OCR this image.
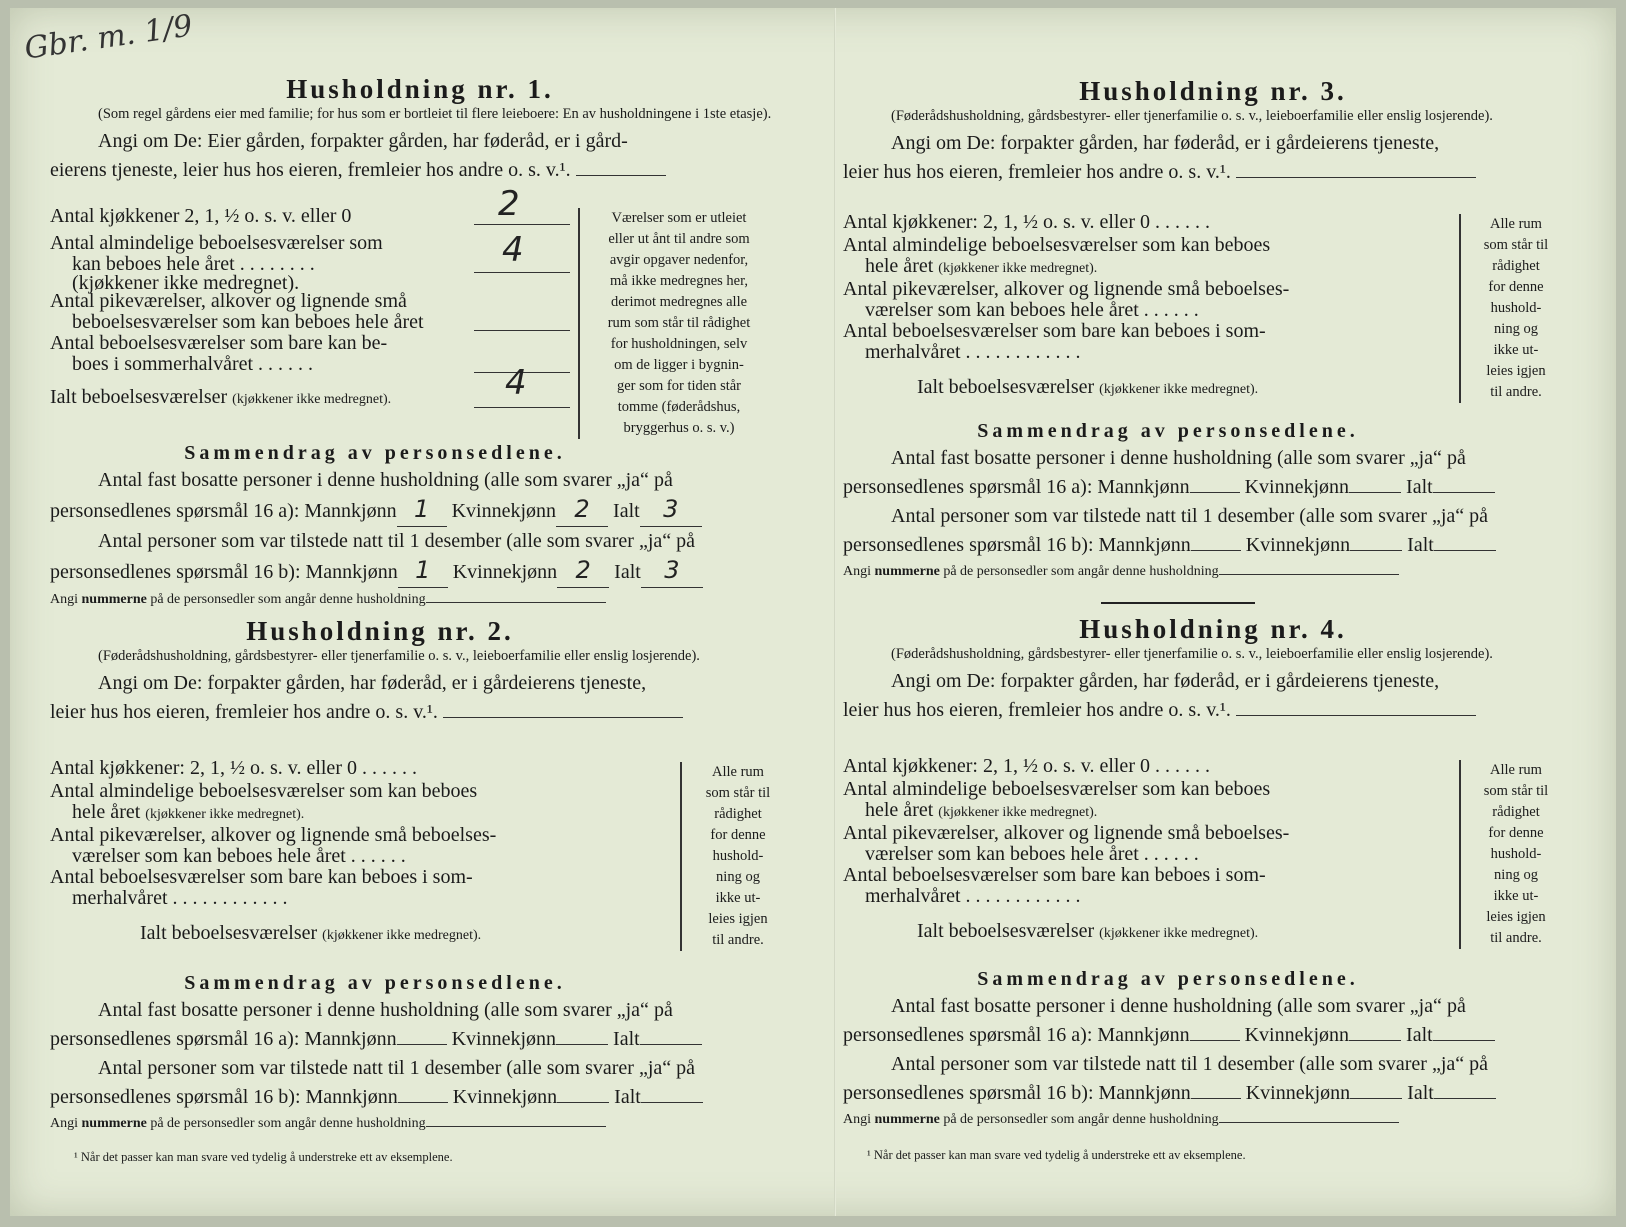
Gbr. m. 1/9
Husholdning nr. 1.
(Som regel gårdens eier med familie; for hus som er bortleiet til flere leieboere: En av husholdningene i 1ste etasje).
Angi om De: Eier gården, forpakter gården, har føderåd, er i gård-
eierens tjeneste, leier hus hos eieren, fremleier hos andre o. s. v.¹.
Antal kjøkkener 2, 1, ½ o. s. v. eller 0	2
Antal almindelige beboelsesværelser som
kan beboes hele året . . . . . . . .	4
(kjøkkener ikke medregnet).
Antal pikeværelser, alkover og lignende små
beboelsesværelser som kan beboes hele året
Antal beboelsesværelser som bare kan be-
boes i sommerhalvåret . . . . . .
Ialt beboelsesværelser (kjøkkener ikke medregnet).	4
Værelser som er utleiet
eller ut ånt til andre som
avgir opgaver nedenfor,
må ikke medregnes her,
derimot medregnes alle
rum som står til rådighet
for husholdningen, selv
om de ligger i bygnin-
ger som for tiden står
tomme (føderådshus,
bryggerhus o. s. v.)
Sammendrag av personsedlene.
Antal fast bosatte personer i denne husholdning (alle som svarer „ja“ på
personsedlenes spørsmål 16 a): Mannkjønn 1 Kvinnekjønn 2 Ialt 3
Antal personer som var tilstede natt til 1 desember (alle som svarer „ja“ på
personsedlenes spørsmål 16 b): Mannkjønn 1 Kvinnekjønn 2 Ialt 3
Angi nummerne på de personsedler som angår denne husholdning
Husholdning nr. 2.
(Føderådshusholdning, gårdsbestyrer- eller tjenerfamilie o. s. v., leieboerfamilie eller enslig losjerende).
Angi om De: forpakter gården, har føderåd, er i gårdeierens tjeneste,
leier hus hos eieren, fremleier hos andre o. s. v.¹.
Antal kjøkkener: 2, 1, ½ o. s. v. eller 0 . . . . . .
Antal almindelige beboelsesværelser som kan beboes
hele året (kjøkkener ikke medregnet).
Antal pikeværelser, alkover og lignende små beboelses-
værelser som kan beboes hele året . . . . . .
Antal beboelsesværelser som bare kan beboes i som-
merhalvåret . . . . . . . . . . . .
Ialt beboelsesværelser (kjøkkener ikke medregnet).
Alle rum
som står til
rådighet
for denne
hushold-
ning og
ikke ut-
leies igjen
til andre.
Sammendrag av personsedlene.
Antal fast bosatte personer i denne husholdning (alle som svarer „ja“ på
personsedlenes spørsmål 16 a): Mannkjønn	Kvinnekjønn	Ialt
Antal personer som var tilstede natt til 1 desember (alle som svarer „ja“ på
personsedlenes spørsmål 16 b): Mannkjønn	Kvinnekjønn	Ialt
Angi nummerne på de personsedler som angår denne husholdning
¹ Når det passer kan man svare ved tydelig å understreke ett av eksemplene.
Husholdning nr. 3.
(Føderådshusholdning, gårdsbestyrer- eller tjenerfamilie o. s. v., leieboerfamilie eller enslig losjerende).
Angi om De: forpakter gården, har føderåd, er i gårdeierens tjeneste,
leier hus hos eieren, fremleier hos andre o. s. v.¹.
Antal kjøkkener: 2, 1, ½ o. s. v. eller 0 . . . . . .
Antal almindelige beboelsesværelser som kan beboes
hele året (kjøkkener ikke medregnet).
Antal pikeværelser, alkover og lignende små beboelses-
værelser som kan beboes hele året . . . . . .
Antal beboelsesværelser som bare kan beboes i som-
merhalvåret . . . . . . . . . . . .
Ialt beboelsesværelser (kjøkkener ikke medregnet).
Alle rum
som står til
rådighet
for denne
hushold-
ning og
ikke ut-
leies igjen
til andre.
Sammendrag av personsedlene.
Antal fast bosatte personer i denne husholdning (alle som svarer „ja“ på
personsedlenes spørsmål 16 a): Mannkjønn	Kvinnekjønn	Ialt
Antal personer som var tilstede natt til 1 desember (alle som svarer „ja“ på
personsedlenes spørsmål 16 b): Mannkjønn	Kvinnekjønn	Ialt
Angi nummerne på de personsedler som angår denne husholdning
Husholdning nr. 4.
(Føderådshusholdning, gårdsbestyrer- eller tjenerfamilie o. s. v., leieboerfamilie eller enslig losjerende).
Angi om De: forpakter gården, har føderåd, er i gårdeierens tjeneste,
leier hus hos eieren, fremleier hos andre o. s. v.¹.
Antal kjøkkener: 2, 1, ½ o. s. v. eller 0 . . . . . .
Antal almindelige beboelsesværelser som kan beboes
hele året (kjøkkener ikke medregnet).
Antal pikeværelser, alkover og lignende små beboelses-
værelser som kan beboes hele året . . . . . .
Antal beboelsesværelser som bare kan beboes i som-
merhalvåret . . . . . . . . . . . .
Ialt beboelsesværelser (kjøkkener ikke medregnet).
Alle rum
som står til
rådighet
for denne
hushold-
ning og
ikke ut-
leies igjen
til andre.
Sammendrag av personsedlene.
Antal fast bosatte personer i denne husholdning (alle som svarer „ja“ på
personsedlenes spørsmål 16 a): Mannkjønn	Kvinnekjønn	Ialt
Antal personer som var tilstede natt til 1 desember (alle som svarer „ja“ på
personsedlenes spørsmål 16 b): Mannkjønn	Kvinnekjønn	Ialt
Angi nummerne på de personsedler som angår denne husholdning
¹ Når det passer kan man svare ved tydelig å understreke ett av eksemplene.
